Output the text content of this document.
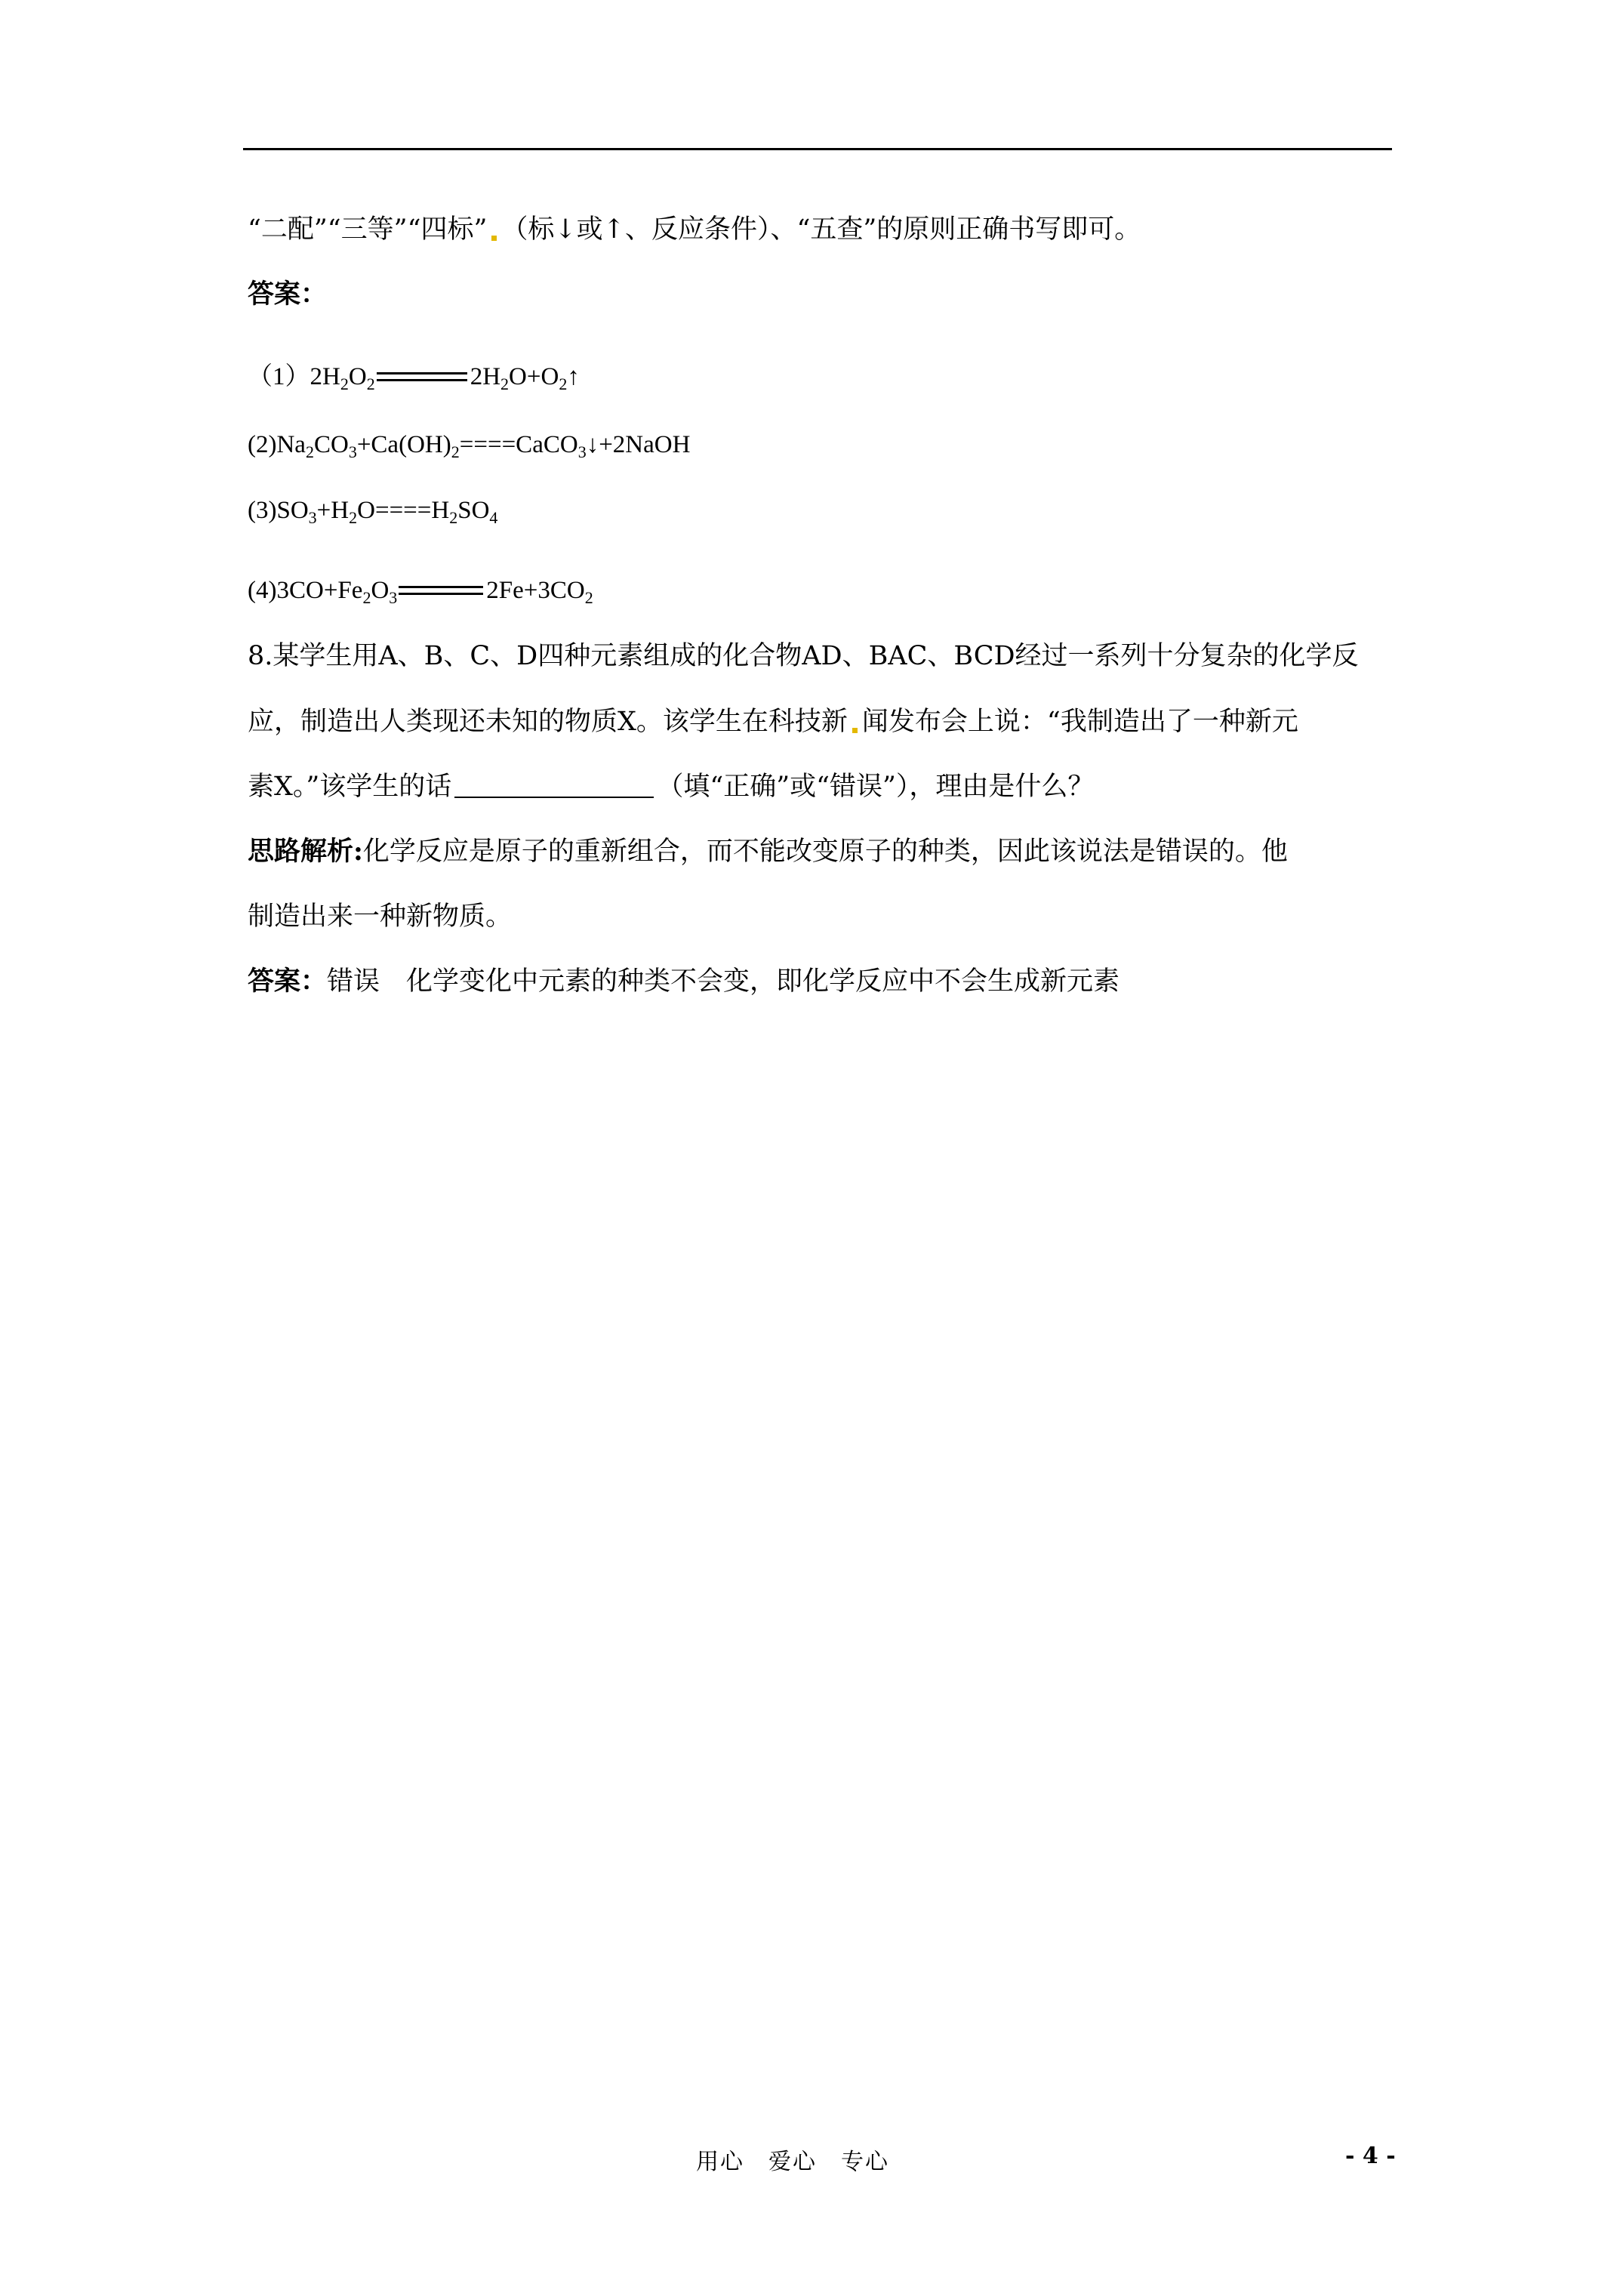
“二配”“三等”“四标” （标↓或↑、反应条件）、“五查”的原则正确书写即可。
答案：
$(1)2H_2O_2$	$2H_2O+O_2↑$
$(2)Na_2CO_3+Ca(OH)_2====CaCO_3↓+2NaOH$
$(3)SO_3+H_2O====H_2SO_4$
$(4)3CO+Fe_2O_3$	$2Fe+3CO_2$
8.某学生用A、B、C、D四种元素组成的化合物AD、BAC、BCD经过一系列十分复杂的化学反
应，制造出人类现还未知的物质X。该学生在科技新 闻发布会上说：“我制造出了一种新元
素X。”该学生的话	（填“正确”或“错误”），理由是什么？
思路解析:化学反应是原子的重新组合，而不能改变原子的种类，因此该说法是错误的。他
制造出来一种新物质。
答案：错误　化学变化中元素的种类不会变，即化学反应中不会生成新元素
用心　爱心　专心	- 4 -
